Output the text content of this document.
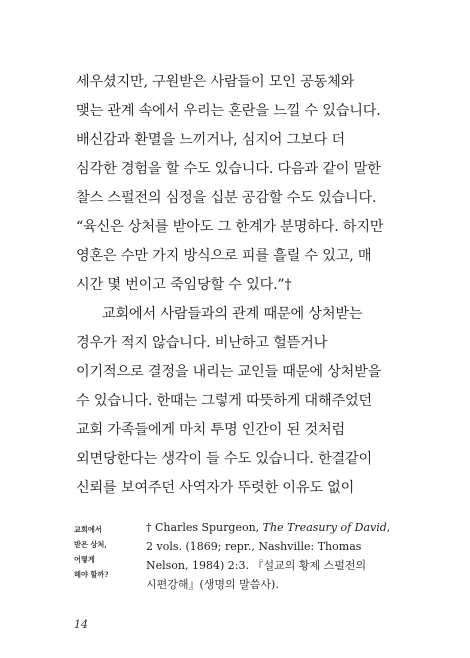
세우셨지만, 구원받은 사람들이 모인 공동체와
맺는 관계 속에서 우리는 혼란을 느낄 수 있습니다.
배신감과 환멸을 느끼거나, 심지어 그보다 더
심각한 경험을 할 수도 있습니다. 다음과 같이 말한
찰스 스펄전의 심정을 십분 공감할 수도 있습니다.
“육신은 상처를 받아도 그 한계가 분명하다. 하지만
영혼은 수만 가지 방식으로 피를 흘릴 수 있고, 매
시간 몇 번이고 죽임당할 수 있다.”†
교회에서 사람들과의 관계 때문에 상처받는
경우가 적지 않습니다. 비난하고 헐뜯거나
이기적으로 결정을 내리는 교인들 때문에 상처받을
수 있습니다. 한때는 그렇게 따뜻하게 대해주었던
교회 가족들에게 마치 투명 인간이 된 것처럼
외면당한다는 생각이 들 수도 있습니다. 한결같이
신뢰를 보여주던 사역자가 뚜렷한 이유도 없이
교회에서
받은 상처,
어떻게
해야 할까?
† Charles Spurgeon, The Treasury of David,
2 vols. (1869; repr., Nashville: Thomas
Nelson, 1984) 2:3. 『설교의 황제 스펄전의
시편강해』(생명의 말씀사).
14
